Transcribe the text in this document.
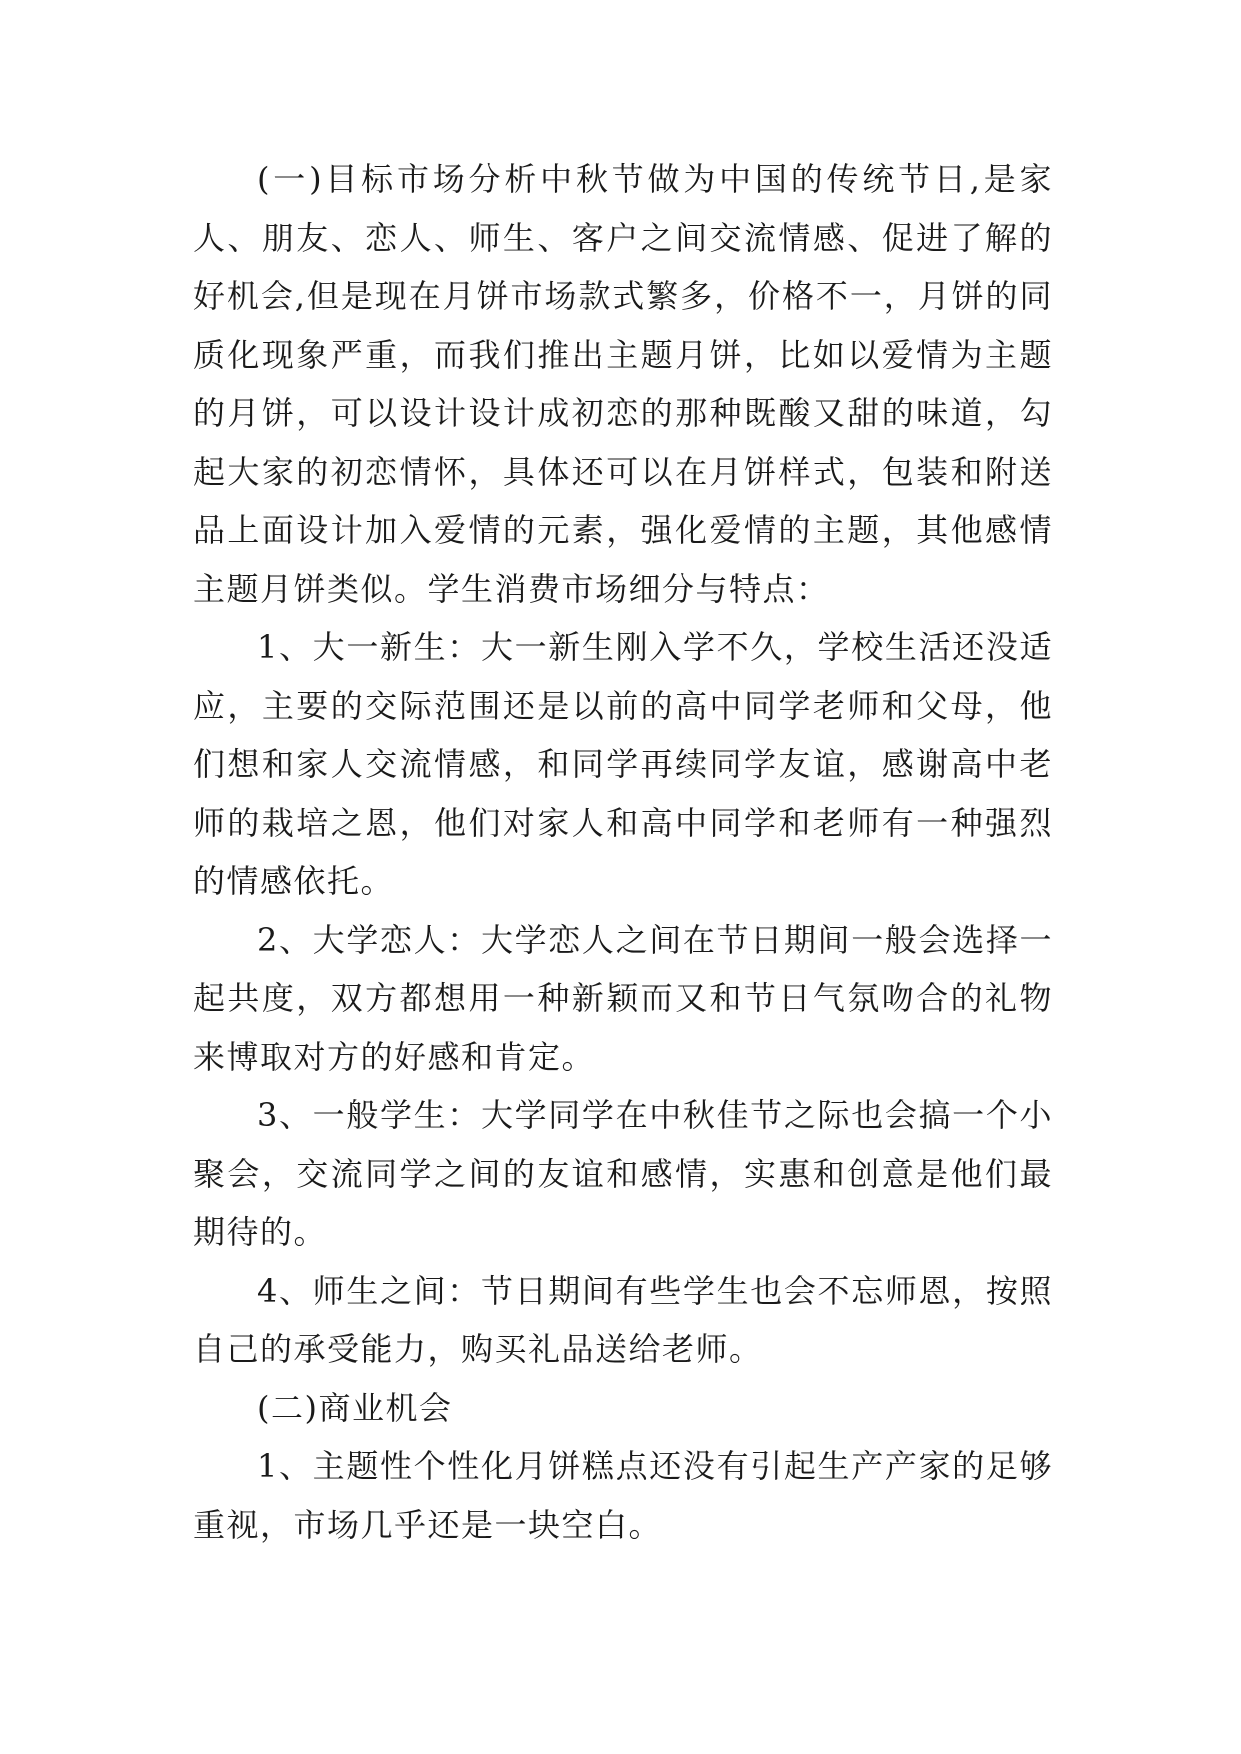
(一)目标市场分析中秋节做为中国的传统节日,是家人、朋友、恋人、师生、客户之间交流情感、促进了解的好机会,但是现在月饼市场款式繁多，价格不一，月饼的同质化现象严重，而我们推出主题月饼，比如以爱情为主题的月饼，可以设计设计成初恋的那种既酸又甜的味道，勾起大家的初恋情怀，具体还可以在月饼样式，包装和附送品上面设计加入爱情的元素，强化爱情的主题，其他感情主题月饼类似。学生消费市场细分与特点：

1、大一新生：大一新生刚入学不久，学校生活还没适应，主要的交际范围还是以前的高中同学老师和父母，他们想和家人交流情感，和同学再续同学友谊，感谢高中老师的栽培之恩，他们对家人和高中同学和老师有一种强烈的情感依托。

2、大学恋人：大学恋人之间在节日期间一般会选择一起共度，双方都想用一种新颖而又和节日气氛吻合的礼物来博取对方的好感和肯定。

3、一般学生：大学同学在中秋佳节之际也会搞一个小聚会，交流同学之间的友谊和感情，实惠和创意是他们最期待的。

4、师生之间：节日期间有些学生也会不忘师恩，按照自己的承受能力，购买礼品送给老师。

(二)商业机会

1、主题性个性化月饼糕点还没有引起生产产家的足够重视，市场几乎还是一块空白。
